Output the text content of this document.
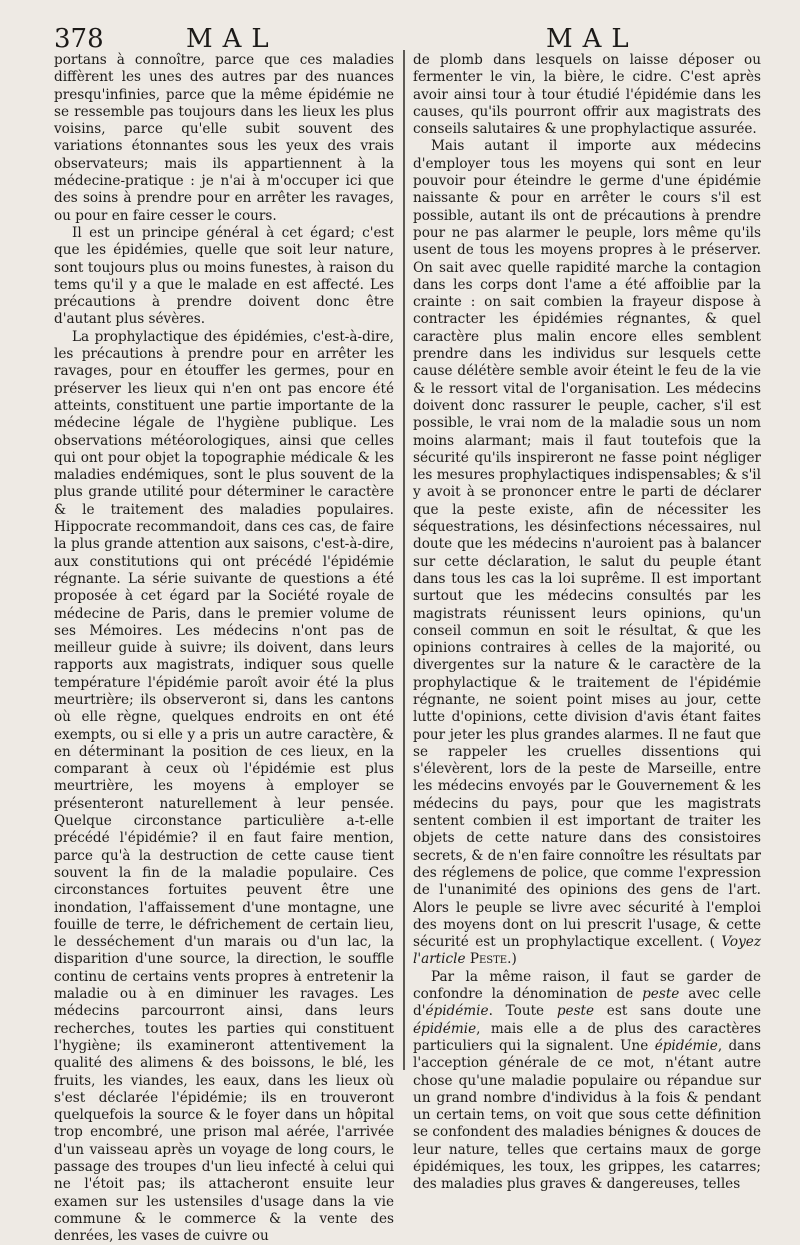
378	MAL	MAL

portans à connoître, parce que ces maladies diffèrent les unes des autres par des nuances presqu'infinies, parce que la même épidémie ne se ressemble pas toujours dans les lieux les plus voisins, parce qu'elle subit souvent des variations étonnantes sous les yeux des vrais observateurs; mais ils appartiennent à la médecine-pratique : je n'ai à m'occuper ici que des soins à prendre pour en arrêter les ravages, ou pour en faire cesser le cours.

Il est un principe général à cet égard; c'est que les épidémies, quelle que soit leur nature, sont toujours plus ou moins funestes, à raison du tems qu'il y a que le malade en est affecté. Les précautions à prendre doivent donc être d'autant plus sévères.

La prophylactique des épidémies, c'est-à-dire, les précautions à prendre pour en arrêter les ravages, pour en étouffer les germes, pour en préserver les lieux qui n'en ont pas encore été atteints, constituent une partie importante de la médecine légale de l'hygiène publique. Les observations météorologiques, ainsi que celles qui ont pour objet la topographie médicale & les maladies endémiques, sont le plus souvent de la plus grande utilité pour déterminer le caractère & le traitement des maladies populaires. Hippocrate recommandoit, dans ces cas, de faire la plus grande attention aux saisons, c'est-à-dire, aux constitutions qui ont précédé l'épidémie régnante. La série suivante de questions a été proposée à cet égard par la Société royale de médecine de Paris, dans le premier volume de ses Mémoires. Les médecins n'ont pas de meilleur guide à suivre; ils doivent, dans leurs rapports aux magistrats, indiquer sous quelle température l'épidémie paroît avoir été la plus meurtrière; ils observeront si, dans les cantons où elle règne, quelques endroits en ont été exempts, ou si elle y a pris un autre caractère, & en déterminant la position de ces lieux, en la comparant à ceux où l'épidémie est plus meurtrière, les moyens à employer se présenteront naturellement à leur pensée. Quelque circonstance particulière a-t-elle précédé l'épidémie? il en faut faire mention, parce qu'à la destruction de cette cause tient souvent la fin de la maladie populaire. Ces circonstances fortuites peuvent être une inondation, l'affaissement d'une montagne, une fouille de terre, le défrichement de certain lieu, le desséchement d'un marais ou d'un lac, la disparition d'une source, la direction, le souffle continu de certains vents propres à entretenir la maladie ou à en diminuer les ravages. Les médecins parcourront ainsi, dans leurs recherches, toutes les parties qui constituent l'hygiène; ils examineront attentivement la qualité des alimens & des boissons, le blé, les fruits, les viandes, les eaux, dans les lieux où s'est déclarée l'épidémie; ils en trouveront quelquefois la source & le foyer dans un hôpital trop encombré, une prison mal aérée, l'arrivée d'un vaisseau après un voyage de long cours, le passage des troupes d'un lieu infecté à celui qui ne l'étoit pas; ils attacheront ensuite leur examen sur les ustensiles d'usage dans la vie commune & le commerce & la vente des denrées, les vases de cuivre ou

de plomb dans lesquels on laisse déposer ou fermenter le vin, la bière, le cidre. C'est après avoir ainsi tour à tour étudié l'épidémie dans les causes, qu'ils pourront offrir aux magistrats des conseils salutaires & une prophylactique assurée.

Mais autant il importe aux médecins d'employer tous les moyens qui sont en leur pouvoir pour éteindre le germe d'une épidémie naissante & pour en arrêter le cours s'il est possible, autant ils ont de précautions à prendre pour ne pas alarmer le peuple, lors même qu'ils usent de tous les moyens propres à le préserver. On sait avec quelle rapidité marche la contagion dans les corps dont l'ame a été affoiblie par la crainte : on sait combien la frayeur dispose à contracter les épidémies régnantes, & quel caractère plus malin encore elles semblent prendre dans les individus sur lesquels cette cause délétère semble avoir éteint le feu de la vie & le ressort vital de l'organisation. Les médecins doivent donc rassurer le peuple, cacher, s'il est possible, le vrai nom de la maladie sous un nom moins alarmant; mais il faut toutefois que la sécurité qu'ils inspireront ne fasse point négliger les mesures prophylactiques indispensables; & s'il y avoit à se prononcer entre le parti de déclarer que la peste existe, afin de nécessiter les séquestrations, les désinfections nécessaires, nul doute que les médecins n'auroient pas à balancer sur cette déclaration, le salut du peuple étant dans tous les cas la loi suprême. Il est important surtout que les médecins consultés par les magistrats réunissent leurs opinions, qu'un conseil commun en soit le résultat, & que les opinions contraires à celles de la majorité, ou divergentes sur la nature & le caractère de la prophylactique & le traitement de l'épidémie régnante, ne soient point mises au jour, cette lutte d'opinions, cette division d'avis étant faites pour jeter les plus grandes alarmes. Il ne faut que se rappeler les cruelles dissentions qui s'élevèrent, lors de la peste de Marseille, entre les médecins envoyés par le Gouvernement & les médecins du pays, pour que les magistrats sentent combien il est important de traiter les objets de cette nature dans des consistoires secrets, & de n'en faire connoître les résultats par des réglemens de police, que comme l'expression de l'unanimité des opinions des gens de l'art. Alors le peuple se livre avec sécurité à l'emploi des moyens dont on lui prescrit l'usage, & cette sécurité est un prophylactique excellent. ( Voyez l'article Peste.)

Par la même raison, il faut se garder de confondre la dénomination de peste avec celle d'épidémie. Toute peste est sans doute une épidémie, mais elle a de plus des caractères particuliers qui la signalent. Une épidémie, dans l'acception générale de ce mot, n'étant autre chose qu'une maladie populaire ou répandue sur un grand nombre d'individus à la fois & pendant un certain tems, on voit que sous cette définition se confondent des maladies bénignes & douces de leur nature, telles que certains maux de gorge épidémiques, les toux, les grippes, les catarres; des maladies plus graves & dangereuses, telles
